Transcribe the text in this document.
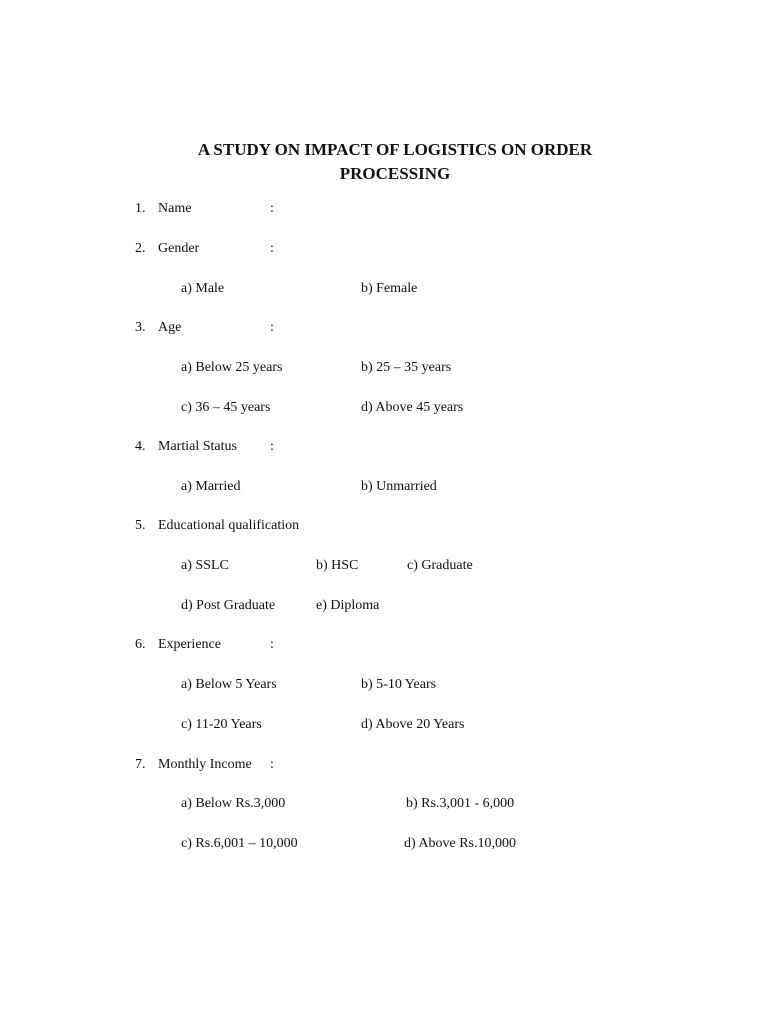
A STUDY ON IMPACT OF LOGISTICS ON ORDER
PROCESSING
1. Name	:
2. Gender	:
a) Male	b) Female
3. Age	:
a) Below 25 years	b) 25 – 35 years
c) 36 – 45 years	d) Above 45 years
4. Martial Status :
a) Married	b) Unmarried
5. Educational qualification
a) SSLC	b) HSC	c) Graduate
d) Post Graduate	e) Diploma
6. Experience	:
a) Below 5 Years	b) 5-10 Years
c) 11-20 Years	d) Above 20 Years
7. Monthly Income :
a) Below Rs.3,000	b) Rs.3,001 - 6,000
c) Rs.6,001 – 10,000	d) Above Rs.10,000
